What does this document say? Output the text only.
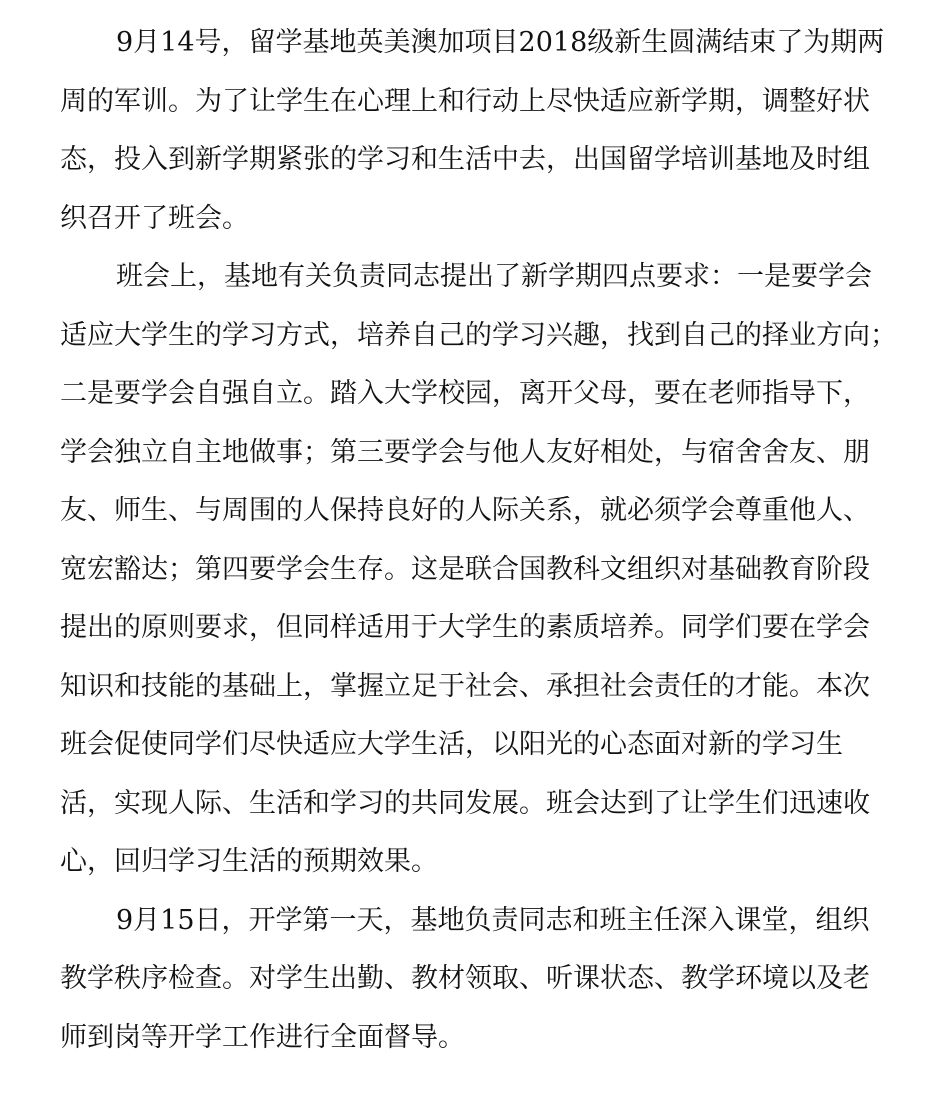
9月14号，留学基地英美澳加项目2018级新生圆满结束了为期两
周的军训。为了让学生在心理上和行动上尽快适应新学期，调整好状
态，投入到新学期紧张的学习和生活中去，出国留学培训基地及时组
织召开了班会。
班会上，基地有关负责同志提出了新学期四点要求：一是要学会
适应大学生的学习方式，培养自己的学习兴趣，找到自己的择业方向；
二是要学会自强自立。踏入大学校园，离开父母，要在老师指导下，
学会独立自主地做事；第三要学会与他人友好相处，与宿舍舍友、朋
友、师生、与周围的人保持良好的人际关系，就必须学会尊重他人、
宽宏豁达；第四要学会生存。这是联合国教科文组织对基础教育阶段
提出的原则要求，但同样适用于大学生的素质培养。同学们要在学会
知识和技能的基础上，掌握立足于社会、承担社会责任的才能。本次
班会促使同学们尽快适应大学生活，以阳光的心态面对新的学习生
活，实现人际、生活和学习的共同发展。班会达到了让学生们迅速收
心，回归学习生活的预期效果。
9月15日，开学第一天，基地负责同志和班主任深入课堂，组织
教学秩序检查。对学生出勤、教材领取、听课状态、教学环境以及老
师到岗等开学工作进行全面督导。
